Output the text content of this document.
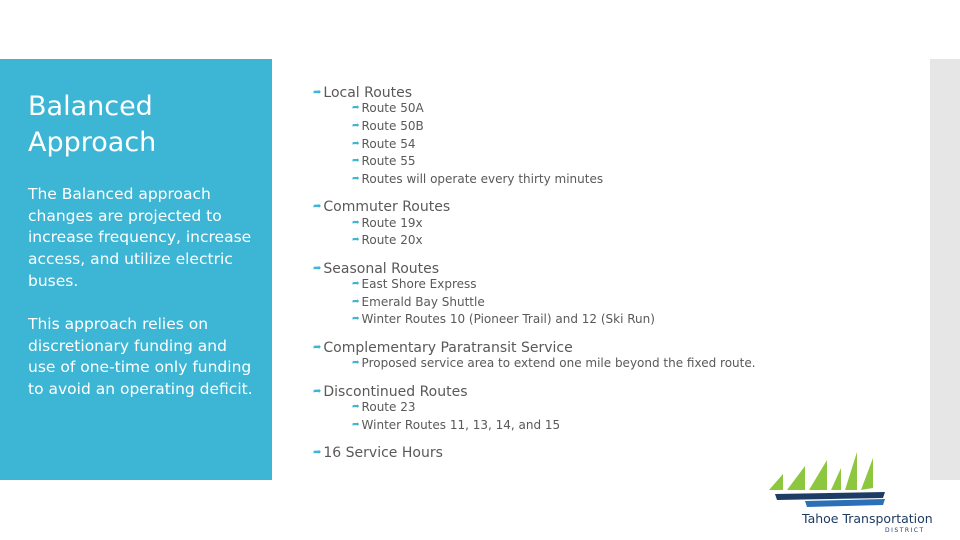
Balanced Approach

The Balanced approach changes are projected to increase frequency, increase access, and utilize electric buses.

This approach relies on discretionary funding and use of one-time only funding to avoid an operating deficit.

➦ Local Routes
➦ Route 50A
➦ Route 50B
➦ Route 54
➦ Route 55
➦ Routes will operate every thirty minutes
➦ Commuter Routes
➦ Route 19x
➦ Route 20x
➦ Seasonal Routes
➦ East Shore Express
➦ Emerald Bay Shuttle
➦ Winter Routes 10 (Pioneer Trail) and 12 (Ski Run)
➦ Complementary Paratransit Service
➦ Proposed service area to extend one mile beyond the fixed route.
➦ Discontinued Routes
➦ Route 23
➦ Winter Routes 11, 13, 14, and 15
➦ 16 Service Hours
Tahoe Transportation
DISTRICT
